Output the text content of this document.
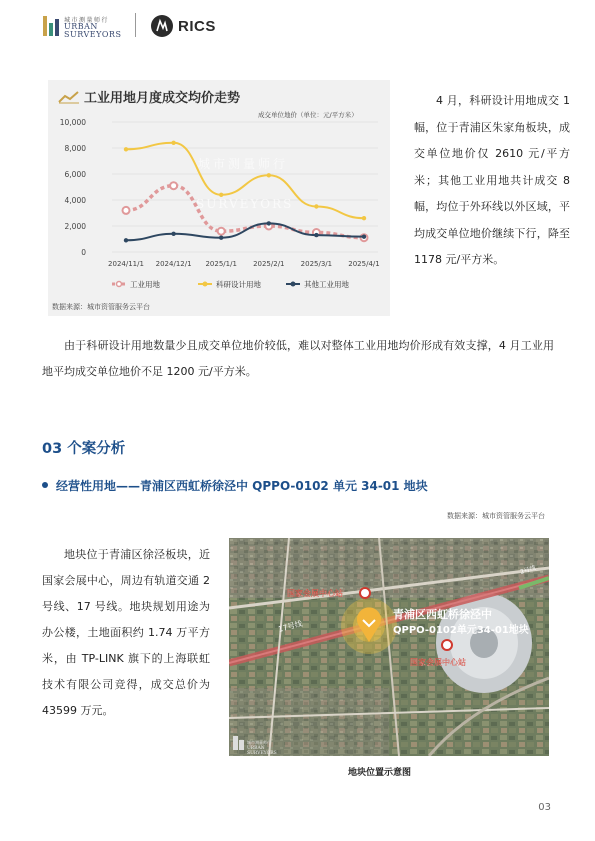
城市测量师行
URBAN
SURVEYORS	RICS
工业用地月度成交均价走势
成交单位地价（单位：元/平方米）
10,000
8,000
6,000
4,000
2,000
0
2024/11/1 2024/12/1 2025/1/1 2025/2/1 2025/3/1 2025/4/1
城市测量师行
SURVEYORS
工业用地	科研设计用地	其他工业用地
数据来源：城市资管服务云平台

4 月，科研设计用地成交 1 幅，位于青浦区朱家角板块，成交单位地价仅 2610 元/平方米；其他工业用地共计成交 8 幅，均位于外环线以外区域，平均成交单位地价继续下行，降至 1178 元/平方米。

由于科研设计用地数量少且成交单位地价较低，难以对整体工业用地均价形成有效支撑，4 月工业用地平均成交单位地价不足 1200 元/平方米。

03 个案分析
经营性用地——青浦区西虹桥徐泾中 QPPO-0102 单元 34-01 地块
数据来源：城市资管服务云平台

地块位于青浦区徐泾板块，近国家会展中心，周边有轨道交通 2 号线、17 号线。地块规划用途为办公楼，土地面积约 1.74 万平方米，由 TP-LINK 旗下的上海联虹技术有限公司竞得，成交总价为 43599 万元。

国家会展中心站
17号线
2号线
国家会展中心站
青浦区西虹桥徐泾中
QPPO-0102单元34-01地块
城市测量师行
URBAN
SURVEYORS
地块位置示意图
03
